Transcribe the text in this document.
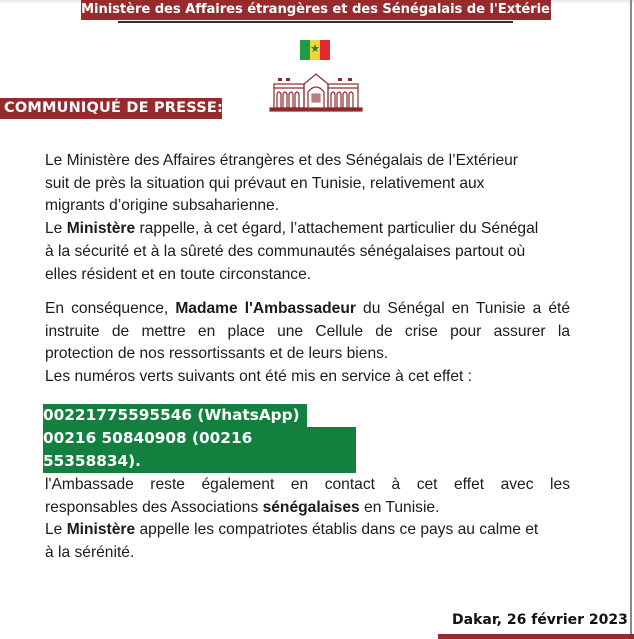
Ministère des Affaires étrangères et des Sénégalais de l'Extérieur
★
COMMUNIQUÉ DE PRESSE:
Le Ministère des Affaires étrangères et des Sénégalais de l’Extérieur
suit de près la situation qui prévaut en Tunisie, relativement aux
migrants d’origine subsaharienne.
Le Ministère rappelle, à cet égard, l’attachement particulier du Sénégal
à la sécurité et à la sûreté des communautés sénégalaises partout où
elles résident et en toute circonstance.
En conséquence, Madame l'Ambassadeur du Sénégal en Tunisie a été
instruite de mettre en place une Cellule de crise pour assurer la
protection de nos ressortissants et de leurs biens.
Les numéros verts suivants ont été mis en service à cet effet :
00221775595546 (WhatsApp)
00216 50840908 (00216 55358834).
l'Ambassade reste également en contact à cet effet avec les
responsables des Associations sénégalaises en Tunisie.
Le Ministère appelle les compatriotes établis dans ce pays au calme et
à la sérénité.
Dakar, 26 février 2023
